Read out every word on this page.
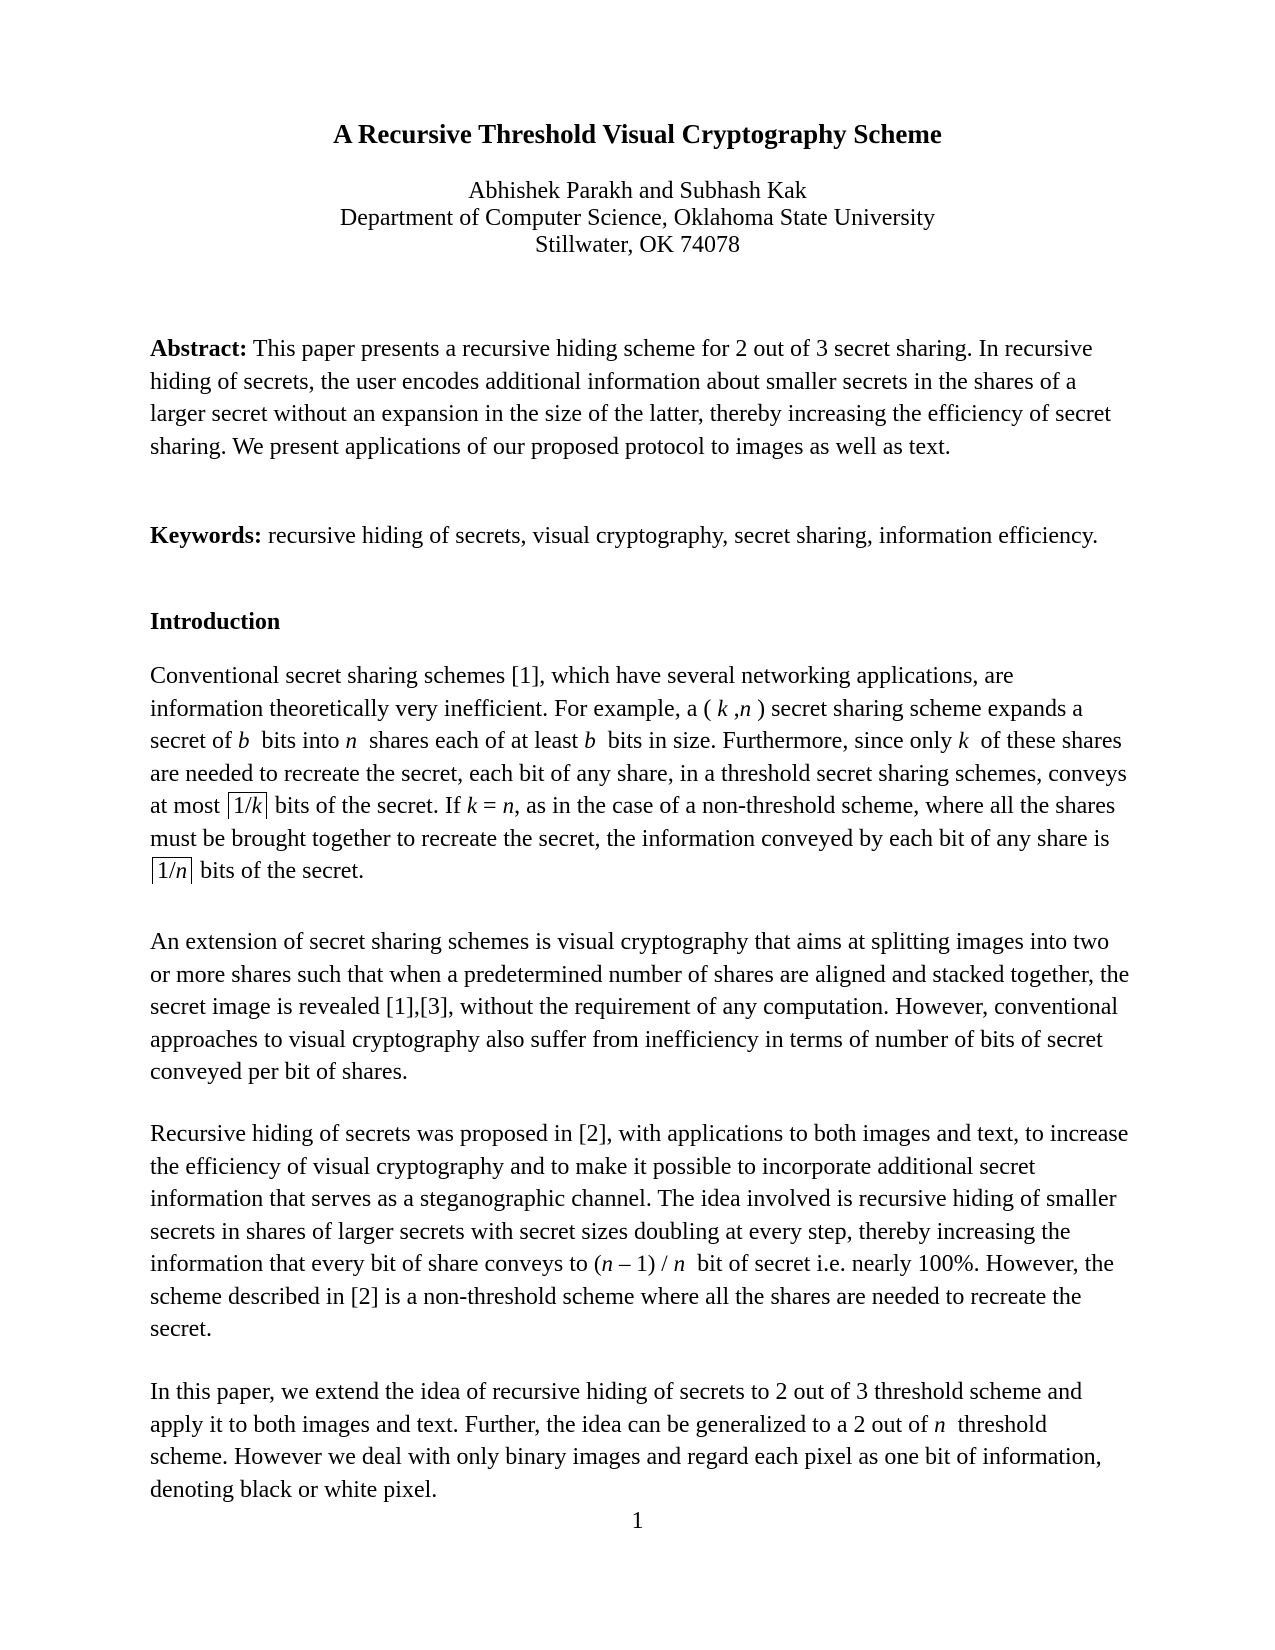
A Recursive Threshold Visual Cryptography Scheme
Abhishek Parakh and Subhash Kak
Department of Computer Science, Oklahoma State University
Stillwater, OK 74078

Abstract: This paper presents a recursive hiding scheme for 2 out of 3 secret sharing. In recursive hiding of secrets, the user encodes additional information about smaller secrets in the shares of a larger secret without an expansion in the size of the latter, thereby increasing the efficiency of secret sharing. We present applications of our proposed protocol to images as well as text.

Keywords: recursive hiding of secrets, visual cryptography, secret sharing, information efficiency.

Introduction

Conventional secret sharing schemes [1], which have several networking applications, are information theoretically very inefficient. For example, a ( k ,n ) secret sharing scheme expands a secret of b bits into n shares each of at least b bits in size. Furthermore, since only k of these shares are needed to recreate the secret, each bit of any share, in a threshold secret sharing schemes, conveys at most 1/k bits of the secret. If k = n, as in the case of a non-threshold scheme, where all the shares must be brought together to recreate the secret, the information conveyed by each bit of any share is 1/n bits of the secret.

An extension of secret sharing schemes is visual cryptography that aims at splitting images into two or more shares such that when a predetermined number of shares are aligned and stacked together, the secret image is revealed [1],[3], without the requirement of any computation. However, conventional approaches to visual cryptography also suffer from inefficiency in terms of number of bits of secret conveyed per bit of shares.

Recursive hiding of secrets was proposed in [2], with applications to both images and text, to increase the efficiency of visual cryptography and to make it possible to incorporate additional secret information that serves as a steganographic channel. The idea involved is recursive hiding of smaller secrets in shares of larger secrets with secret sizes doubling at every step, thereby increasing the information that every bit of share conveys to (n – 1) / n bit of secret i.e. nearly 100%. However, the scheme described in [2] is a non-threshold scheme where all the shares are needed to recreate the secret.

In this paper, we extend the idea of recursive hiding of secrets to 2 out of 3 threshold scheme and apply it to both images and text. Further, the idea can be generalized to a 2 out of n threshold scheme. However we deal with only binary images and regard each pixel as one bit of information, denoting black or white pixel.

1
